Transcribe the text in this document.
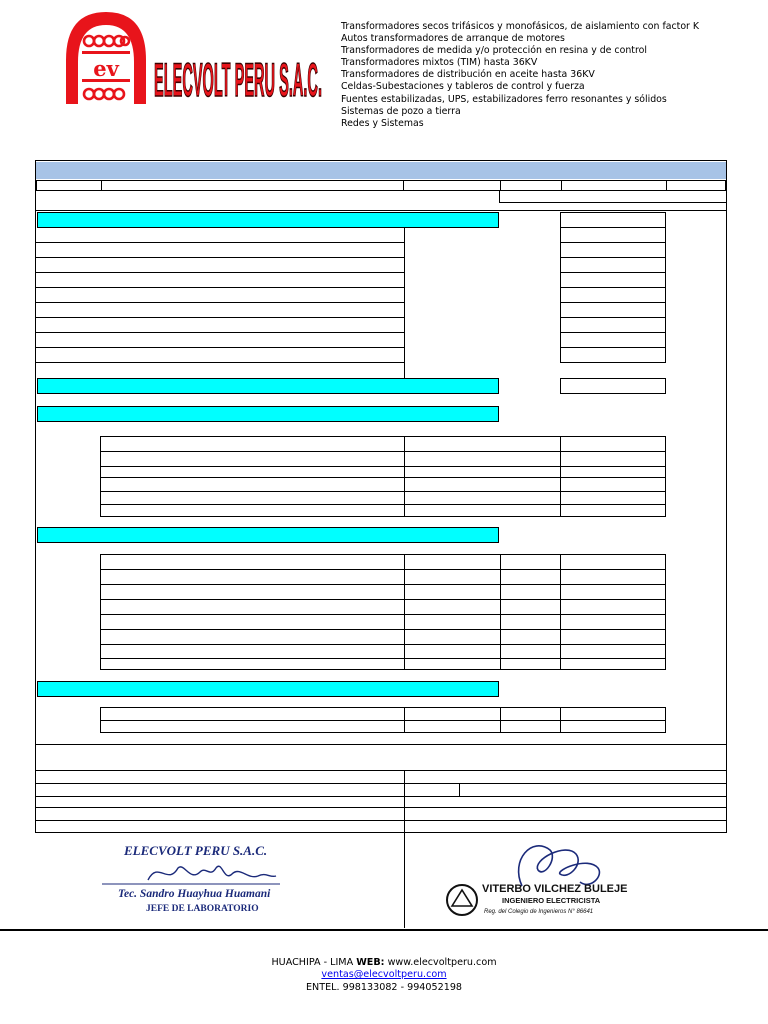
ev ELECVOLT PERU S.A.C.
Transformadores secos trifásicos y monofásicos, de aislamiento con factor K
Autos transformadores de arranque de motores
Transformadores de medida y/o protección en resina y de control
Transformadores mixtos (TIM) hasta 36KV
Transformadores de distribución en aceite hasta 36KV
Celdas-Subestaciones y tableros de control y fuerza
Fuentes estabilizadas, UPS, estabilizadores ferro resonantes y sólidos
Sistemas de pozo a tierra
Redes y Sistemas
ELECVOLT PERU S.A.C.
Tec. Sandro Huayhua Huamani
JEFE DE LABORATORIO
VITERBO VILCHEZ BULEJE
INGENIERO ELECTRICISTA
Reg. del Colegio de Ingenieros N° 86641
HUACHIPA - LIMA WEB: www.elecvoltperu.com
ventas@elecvoltperu.com
ENTEL. 998133082 - 994052198
